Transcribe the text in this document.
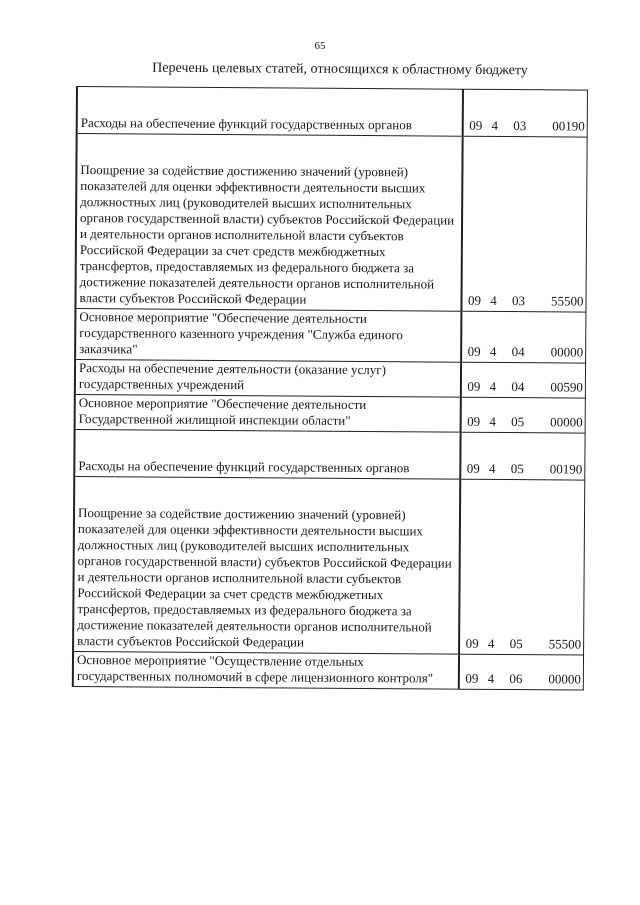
65
Перечень целевых статей, относящихся к областному бюджету
Расходы на обеспечение функций государственных органов	09 4 03 00190
Поощрение за содействие достижению значений (уровней) показателей для оценки эффективности деятельности высших должностных лиц (руководителей высших исполнительных органов государственной власти) субъектов Российской Федерации и деятельности органов исполнительной власти субъектов Российской Федерации за счет средств межбюджетных трансфертов, предоставляемых из федерального бюджета за достижение показателей деятельности органов исполнительной власти субъектов Российской Федерации	09 4 03 55500
Основное мероприятие "Обеспечение деятельности государственного казенного учреждения "Служба единого заказчика"	09 4 04 00000
Расходы на обеспечение деятельности (оказание услуг) государственных учреждений	09 4 04 00590
Основное мероприятие "Обеспечение деятельности Государственной жилищной инспекции области"	09 4 05 00000
Расходы на обеспечение функций государственных органов	09 4 05 00190
Поощрение за содействие достижению значений (уровней) показателей для оценки эффективности деятельности высших должностных лиц (руководителей высших исполнительных органов государственной власти) субъектов Российской Федерации и деятельности органов исполнительной власти субъектов Российской Федерации за счет средств межбюджетных трансфертов, предоставляемых из федерального бюджета за достижение показателей деятельности органов исполнительной власти субъектов Российской Федерации	09 4 05 55500
Основное мероприятие "Осуществление отдельных государственных полномочий в сфере лицензионного контроля"	09 4 06 00000
